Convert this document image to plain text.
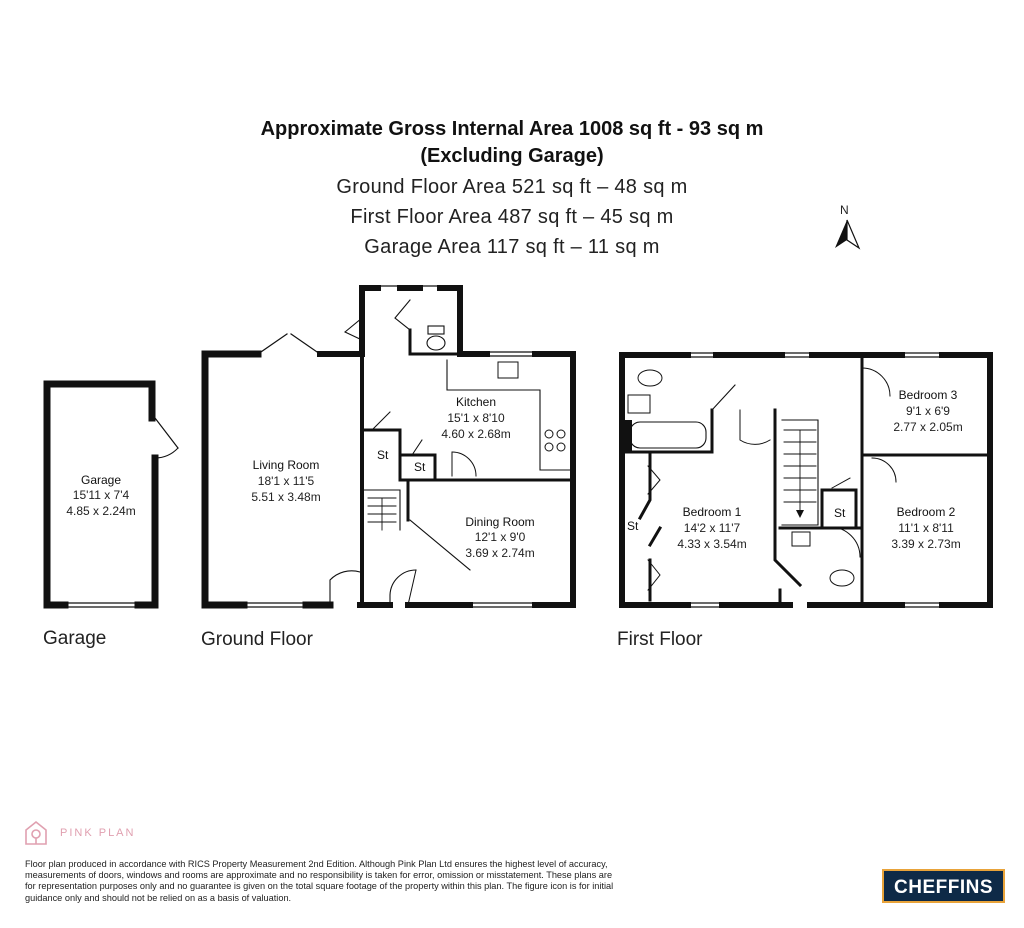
Approximate Gross Internal Area 1008 sq ft - 93 sq m
(Excluding Garage)
Ground Floor Area 521 sq ft – 48 sq m
First Floor Area 487 sq ft – 45 sq m
Garage Area 117 sq ft – 11 sq m
N
Garage
15'11 x 7'4
4.85 x 2.24m
Living Room
18'1 x 11'5
5.51 x 3.48m
Kitchen
15'1 x 8'10
4.60 x 2.68m
Dining Room
12'1 x 9'0
3.69 x 2.74m
Bedroom 1
14'2 x 11'7
4.33 x 3.54m
Bedroom 2
11'1 x 8'11
3.39 x 2.73m
Bedroom 3
9'1 x 6'9
2.77 x 2.05m
St
St
St
St
Garage	Ground Floor	First Floor
PINK PLAN
Floor plan produced in accordance with RICS Property Measurement 2nd Edition. Although Pink Plan Ltd ensures the highest level of accuracy, measurements of doors, windows and rooms are approximate and no responsibility is taken for error, omission or misstatement. These plans are for representation purposes only and no guarantee is given on the total square footage of the property within this plan. The figure icon is for initial guidance only and should not be relied on as a basis of valuation.	CHEFFINS
